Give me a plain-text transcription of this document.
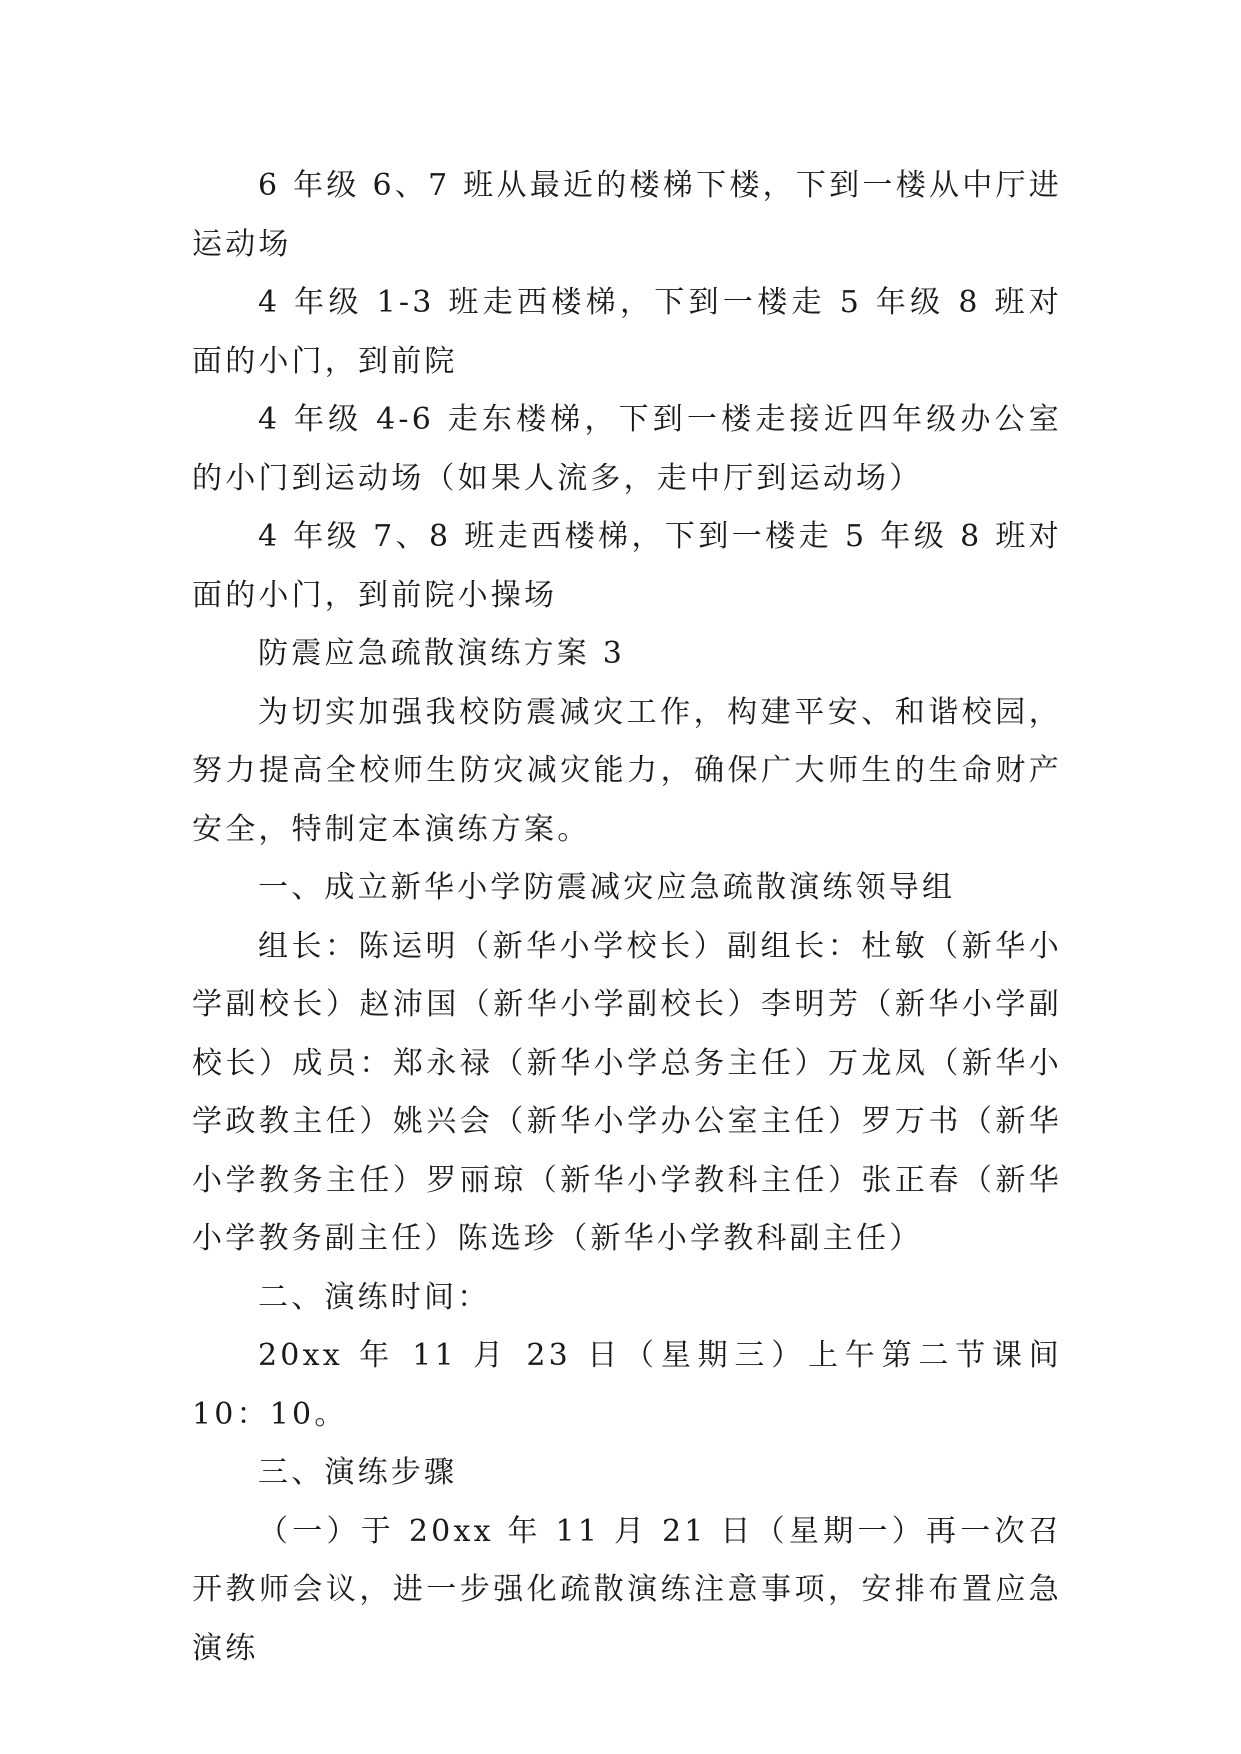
6 年级 6、7 班从最近的楼梯下楼，下到一楼从中厅进运动场

4 年级 1-3 班走西楼梯，下到一楼走 5 年级 8 班对面的小门，到前院

4 年级 4-6 走东楼梯，下到一楼走接近四年级办公室的小门到运动场（如果人流多，走中厅到运动场）

4 年级 7、8 班走西楼梯，下到一楼走 5 年级 8 班对面的小门，到前院小操场

防震应急疏散演练方案 3

为切实加强我校防震减灾工作，构建平安、和谐校园，努力提高全校师生防灾减灾能力，确保广大师生的生命财产安全，特制定本演练方案。

一、成立新华小学防震减灾应急疏散演练领导组

组长：陈运明（新华小学校长）副组长：杜敏（新华小学副校长）赵沛国（新华小学副校长）李明芳（新华小学副校长）成员：郑永禄（新华小学总务主任）万龙凤（新华小学政教主任）姚兴会（新华小学办公室主任）罗万书（新华小学教务主任）罗丽琼（新华小学教科主任）张正春（新华小学教务副主任）陈选珍（新华小学教科副主任）

二、演练时间：

20xx 年 11 月 23 日（星期三）上午第二节课间 10：10。

三、演练步骤

（一）于 20xx 年 11 月 21 日（星期一）再一次召开教师会议，进一步强化疏散演练注意事项，安排布置应急演练
